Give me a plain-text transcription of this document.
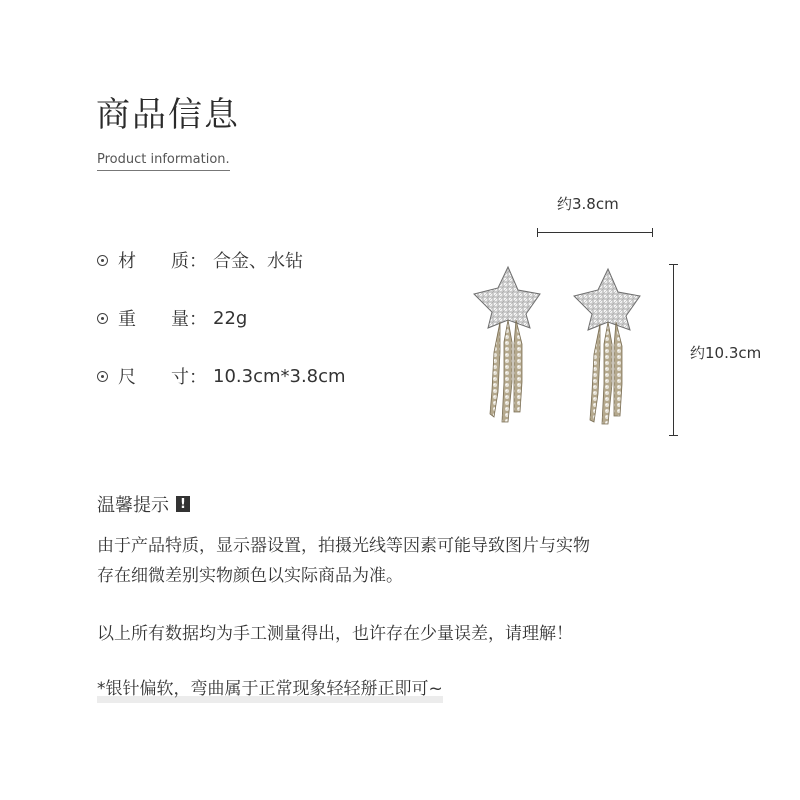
商品信息
Product information.
材 质： 合金、水钻
重 量： 22g
尺 寸： 10.3cm*3.8cm
约3.8cm
约10.3cm
温馨提示 !
由于产品特质，显示器设置，拍摄光线等因素可能导致图片与实物
存在细微差别实物颜色以实际商品为准。
以上所有数据均为手工测量得出，也许存在少量误差，请理解！
*银针偏软，弯曲属于正常现象轻轻掰正即可~
